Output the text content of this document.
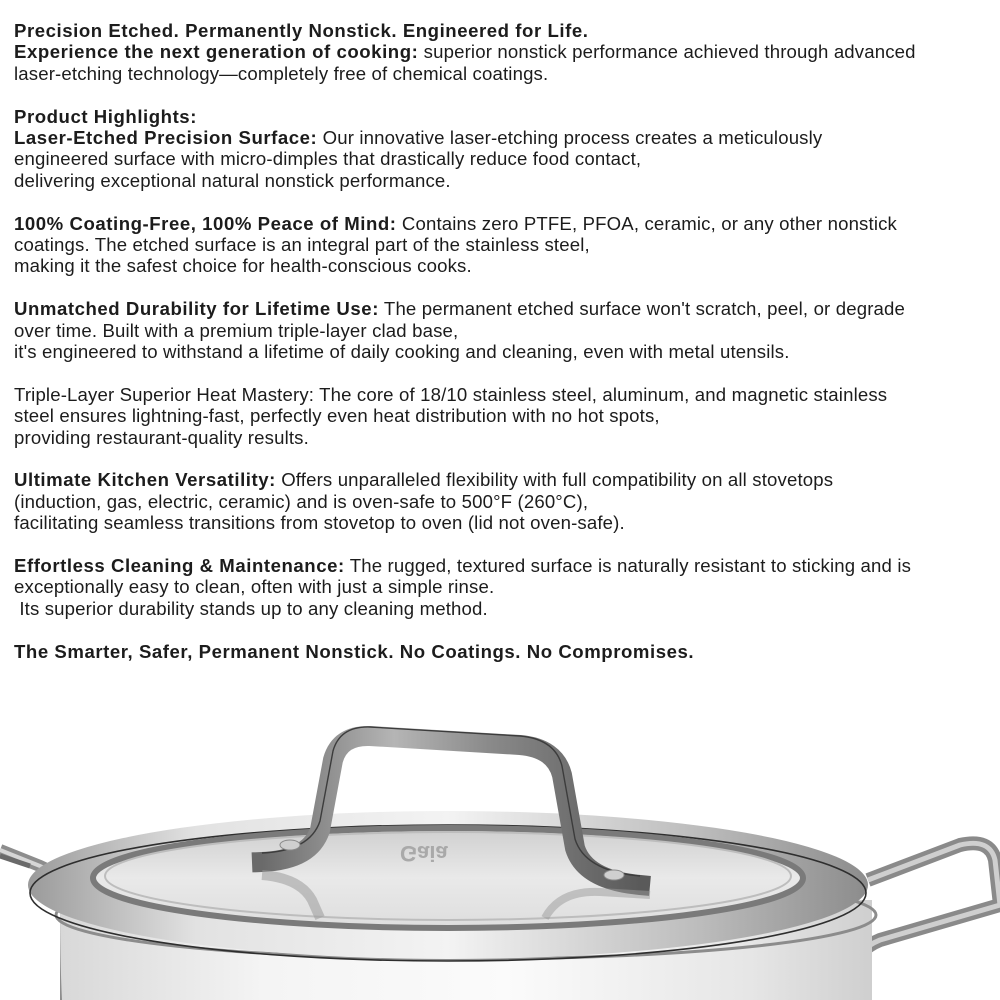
Precision Etched. Permanently Nonstick. Engineered for Life.
Experience the next generation of cooking: superior nonstick performance achieved through advanced
laser-etching technology—completely free of chemical coatings.

Product Highlights:
Laser-Etched Precision Surface: Our innovative laser-etching process creates a meticulously
engineered surface with micro-dimples that drastically reduce food contact,
delivering exceptional natural nonstick performance.

100% Coating-Free, 100% Peace of Mind: Contains zero PTFE, PFOA, ceramic, or any other nonstick
coatings. The etched surface is an integral part of the stainless steel,
making it the safest choice for health-conscious cooks.

Unmatched Durability for Lifetime Use: The permanent etched surface won't scratch, peel, or degrade
over time. Built with a premium triple-layer clad base,
it's engineered to withstand a lifetime of daily cooking and cleaning, even with metal utensils.

Triple-Layer Superior Heat Mastery: The core of 18/10 stainless steel, aluminum, and magnetic stainless
steel ensures lightning-fast, perfectly even heat distribution with no hot spots,
providing restaurant-quality results.

Ultimate Kitchen Versatility: Offers unparalleled flexibility with full compatibility on all stovetops
(induction, gas, electric, ceramic) and is oven-safe to 500°F (260°C),
facilitating seamless transitions from stovetop to oven (lid not oven-safe).

Effortless Cleaning & Maintenance: The rugged, textured surface is naturally resistant to sticking and is
exceptionally easy to clean, often with just a simple rinse.
Its superior durability stands up to any cleaning method.

The Smarter, Safer, Permanent Nonstick. No Coatings. No Compromises.

Gaia
